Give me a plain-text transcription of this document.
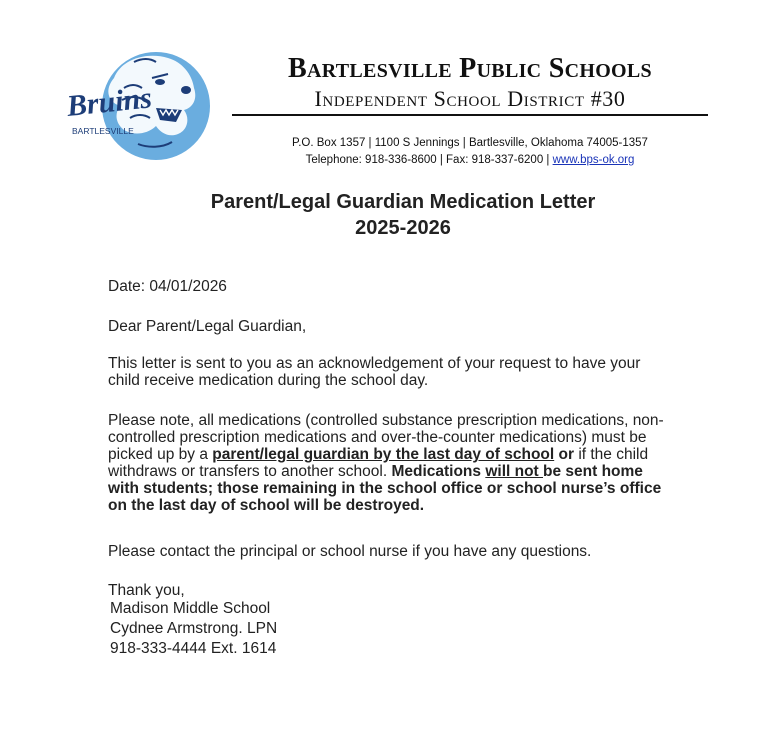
Bruins
BARTLESVILLE
Bartlesville Public Schools
Independent School District #30
P.O. Box 1357 | 1100 S Jennings | Bartlesville, Oklahoma 74005-1357
Telephone: 918-336-8600 | Fax: 918-337-6200 | www.bps-ok.org
Parent/Legal Guardian Medication Letter
2025-2026
Date: 04/01/2026
Dear Parent/Legal Guardian,
This letter is sent to you as an acknowledgement of your request to have your child receive medication during the school day.
Please note, all medications (controlled substance prescription medications, non-controlled prescription medications and over-the-counter medications) must be picked up by a parent/legal guardian by the last day of school or if the child withdraws or transfers to another school. Medications will not be sent home with students; those remaining in the school office or school nurse’s office on the last day of school will be destroyed.
Please contact the principal or school nurse if you have any questions.
Thank you,
Madison Middle School
Cydnee Armstrong. LPN
918-333-4444 Ext. 1614
